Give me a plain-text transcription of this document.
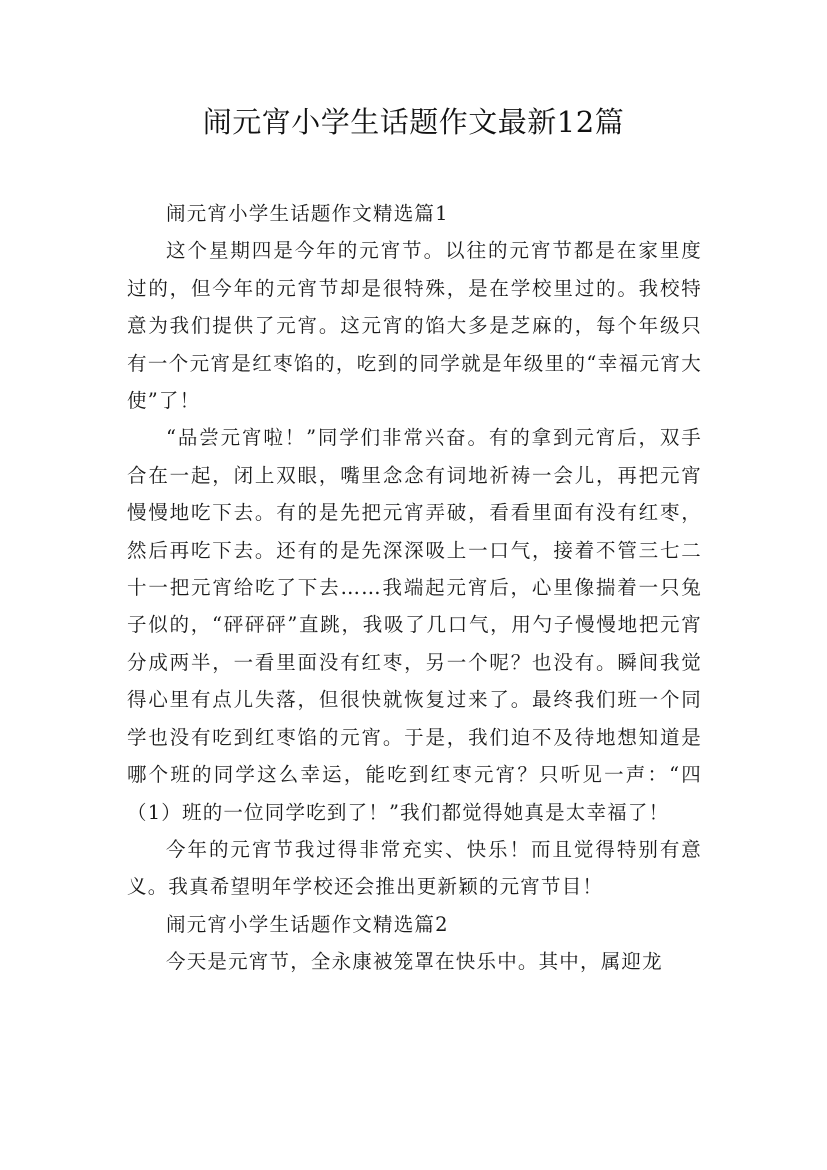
闹元宵小学生话题作文最新12篇

闹元宵小学生话题作文精选篇1

这个星期四是今年的元宵节。以往的元宵节都是在家里度过的，但今年的元宵节却是很特殊，是在学校里过的。我校特意为我们提供了元宵。这元宵的馅大多是芝麻的，每个年级只有一个元宵是红枣馅的，吃到的同学就是年级里的“幸福元宵大使”了！

“品尝元宵啦！”同学们非常兴奋。有的拿到元宵后，双手合在一起，闭上双眼，嘴里念念有词地祈祷一会儿，再把元宵慢慢地吃下去。有的是先把元宵弄破，看看里面有没有红枣，然后再吃下去。还有的是先深深吸上一口气，接着不管三七二十一把元宵给吃了下去……我端起元宵后，心里像揣着一只兔子似的，“砰砰砰”直跳，我吸了几口气，用勺子慢慢地把元宵分成两半，一看里面没有红枣，另一个呢？也没有。瞬间我觉得心里有点儿失落，但很快就恢复过来了。最终我们班一个同学也没有吃到红枣馅的元宵。于是，我们迫不及待地想知道是哪个班的同学这么幸运，能吃到红枣元宵？只听见一声：“四（1）班的一位同学吃到了！”我们都觉得她真是太幸福了！

今年的元宵节我过得非常充实、快乐！而且觉得特别有意义。我真希望明年学校还会推出更新颖的元宵节目！

闹元宵小学生话题作文精选篇2

今天是元宵节，全永康被笼罩在快乐中。其中，属迎龙
